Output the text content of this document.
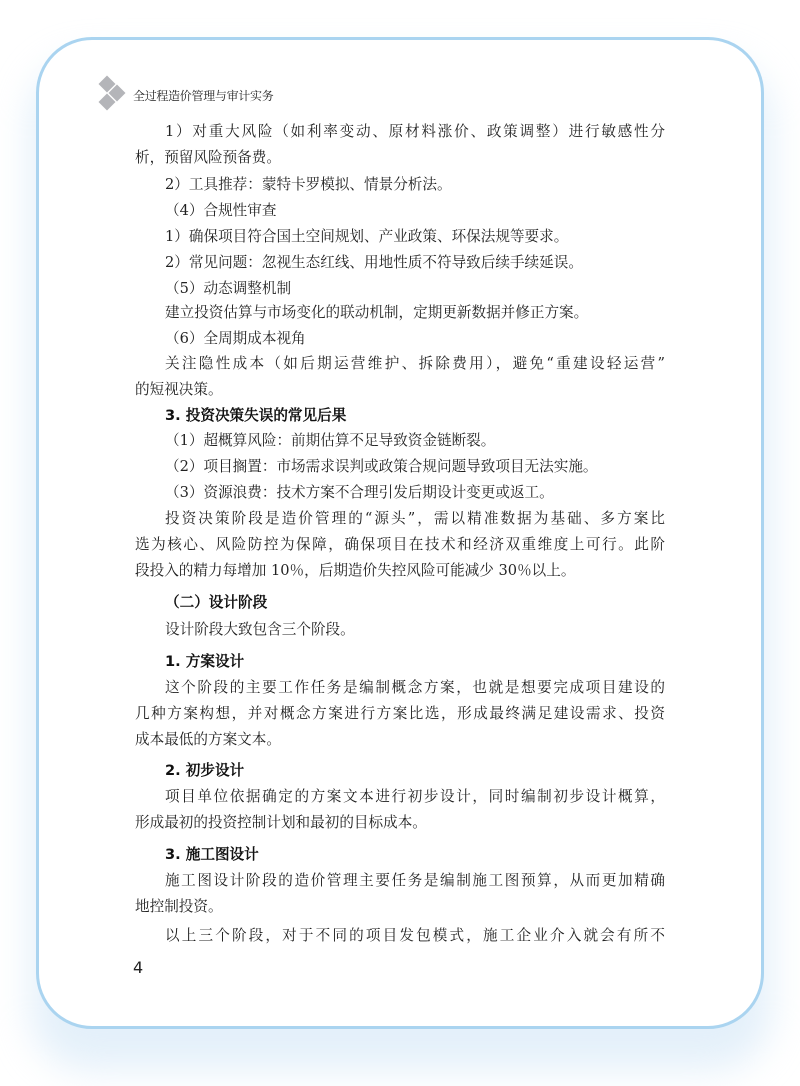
全过程造价管理与审计实务
1）对重大风险（如利率变动、原材料涨价、政策调整）进行敏感性分
析，预留风险预备费。
2）工具推荐：蒙特卡罗模拟、情景分析法。
（4）合规性审查
1）确保项目符合国土空间规划、产业政策、环保法规等要求。
2）常见问题：忽视生态红线、用地性质不符导致后续手续延误。
（5）动态调整机制
建立投资估算与市场变化的联动机制，定期更新数据并修正方案。
（6）全周期成本视角
关注隐性成本（如后期运营维护、拆除费用），避免“重建设轻运营”
的短视决策。
3. 投资决策失误的常见后果
（1）超概算风险：前期估算不足导致资金链断裂。
（2）项目搁置：市场需求误判或政策合规问题导致项目无法实施。
（3）资源浪费：技术方案不合理引发后期设计变更或返工。
投资决策阶段是造价管理的“源头”，需以精准数据为基础、多方案比
选为核心、风险防控为保障，确保项目在技术和经济双重维度上可行。此阶
段投入的精力每增加 10％，后期造价失控风险可能减少 30％以上。
（二）设计阶段
设计阶段大致包含三个阶段。
1. 方案设计
这个阶段的主要工作任务是编制概念方案，也就是想要完成项目建设的
几种方案构想，并对概念方案进行方案比选，形成最终满足建设需求、投资
成本最低的方案文本。
2. 初步设计
项目单位依据确定的方案文本进行初步设计，同时编制初步设计概算，
形成最初的投资控制计划和最初的目标成本。
3. 施工图设计
施工图设计阶段的造价管理主要任务是编制施工图预算，从而更加精确
地控制投资。
以上三个阶段，对于不同的项目发包模式，施工企业介入就会有所不
4
